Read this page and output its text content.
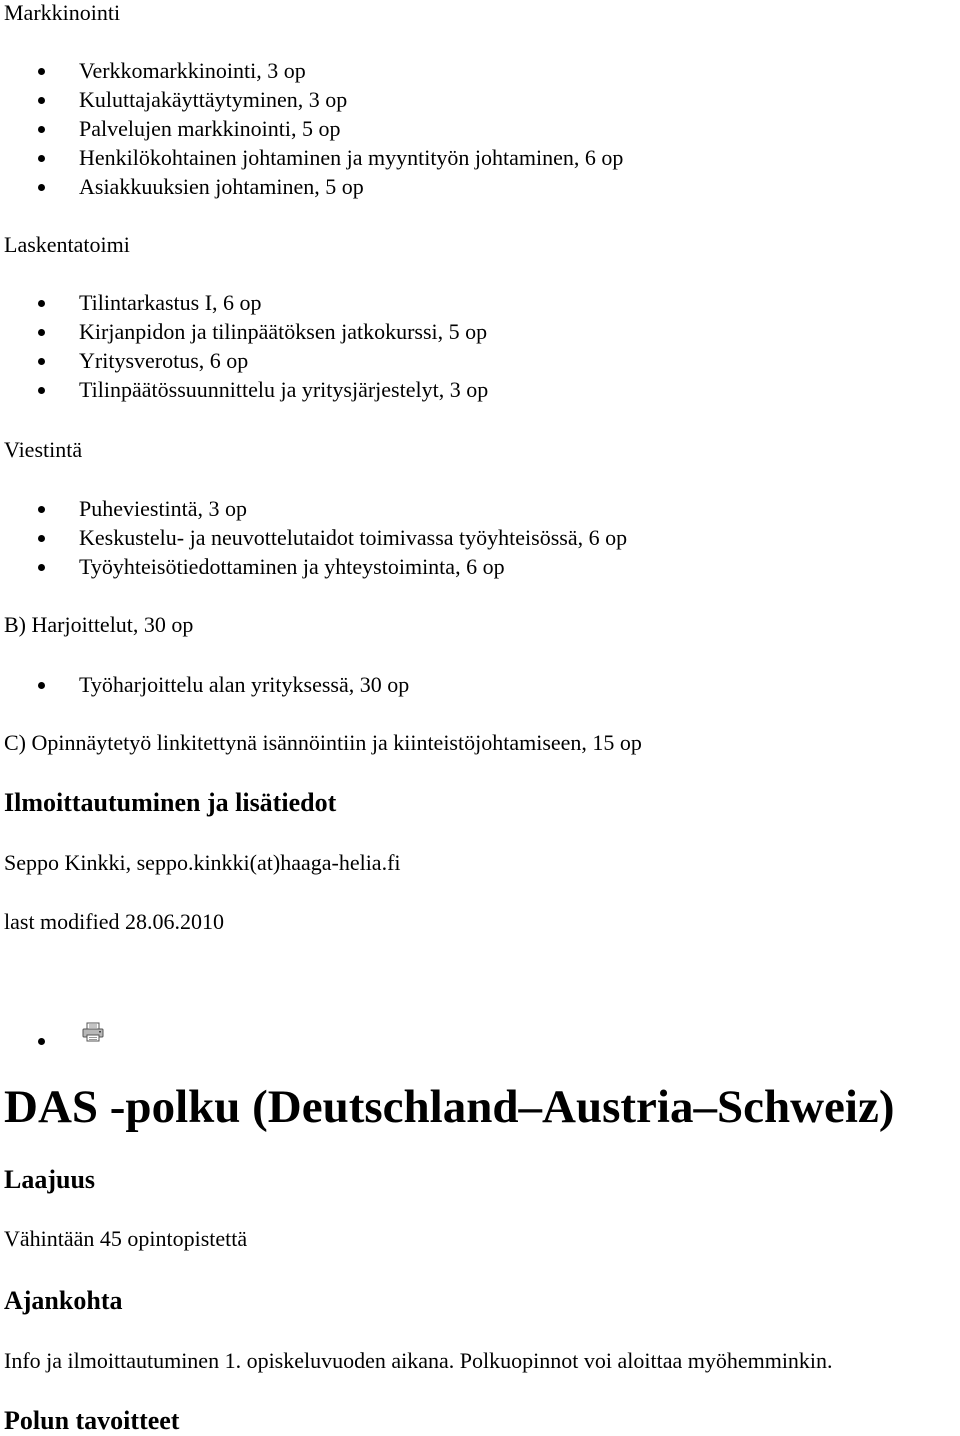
Markkinointi

Verkkomarkkinointi, 3 op
Kuluttajakäyttäytyminen, 3 op
Palvelujen markkinointi, 5 op
Henkilökohtainen johtaminen ja myyntityön johtaminen, 6 op
Asiakkuuksien johtaminen, 5 op

Laskentatoimi

Tilintarkastus I, 6 op
Kirjanpidon ja tilinpäätöksen jatkokurssi, 5 op
Yritysverotus, 6 op
Tilinpäätössuunnittelu ja yritysjärjestelyt, 3 op

Viestintä

Puheviestintä, 3 op
Keskustelu- ja neuvottelutaidot toimivassa työyhteisössä, 6 op
Työyhteisötiedottaminen ja yhteystoiminta, 6 op

B) Harjoittelut, 30 op

Työharjoittelu alan yrityksessä, 30 op

C) Opinnäytetyö linkitettynä isännöintiin ja kiinteistöjohtamiseen, 15 op

Ilmoittautuminen ja lisätiedot

Seppo Kinkki, seppo.kinkki(at)haaga-helia.fi

last modified 28.06.2010

DAS -polku (Deutschland–Austria–Schweiz)
Laajuus

Vähintään 45 opintopistettä

Ajankohta

Info ja ilmoittautuminen 1. opiskeluvuoden aikana. Polkuopinnot voi aloittaa myöhemminkin.

Polun tavoitteet
